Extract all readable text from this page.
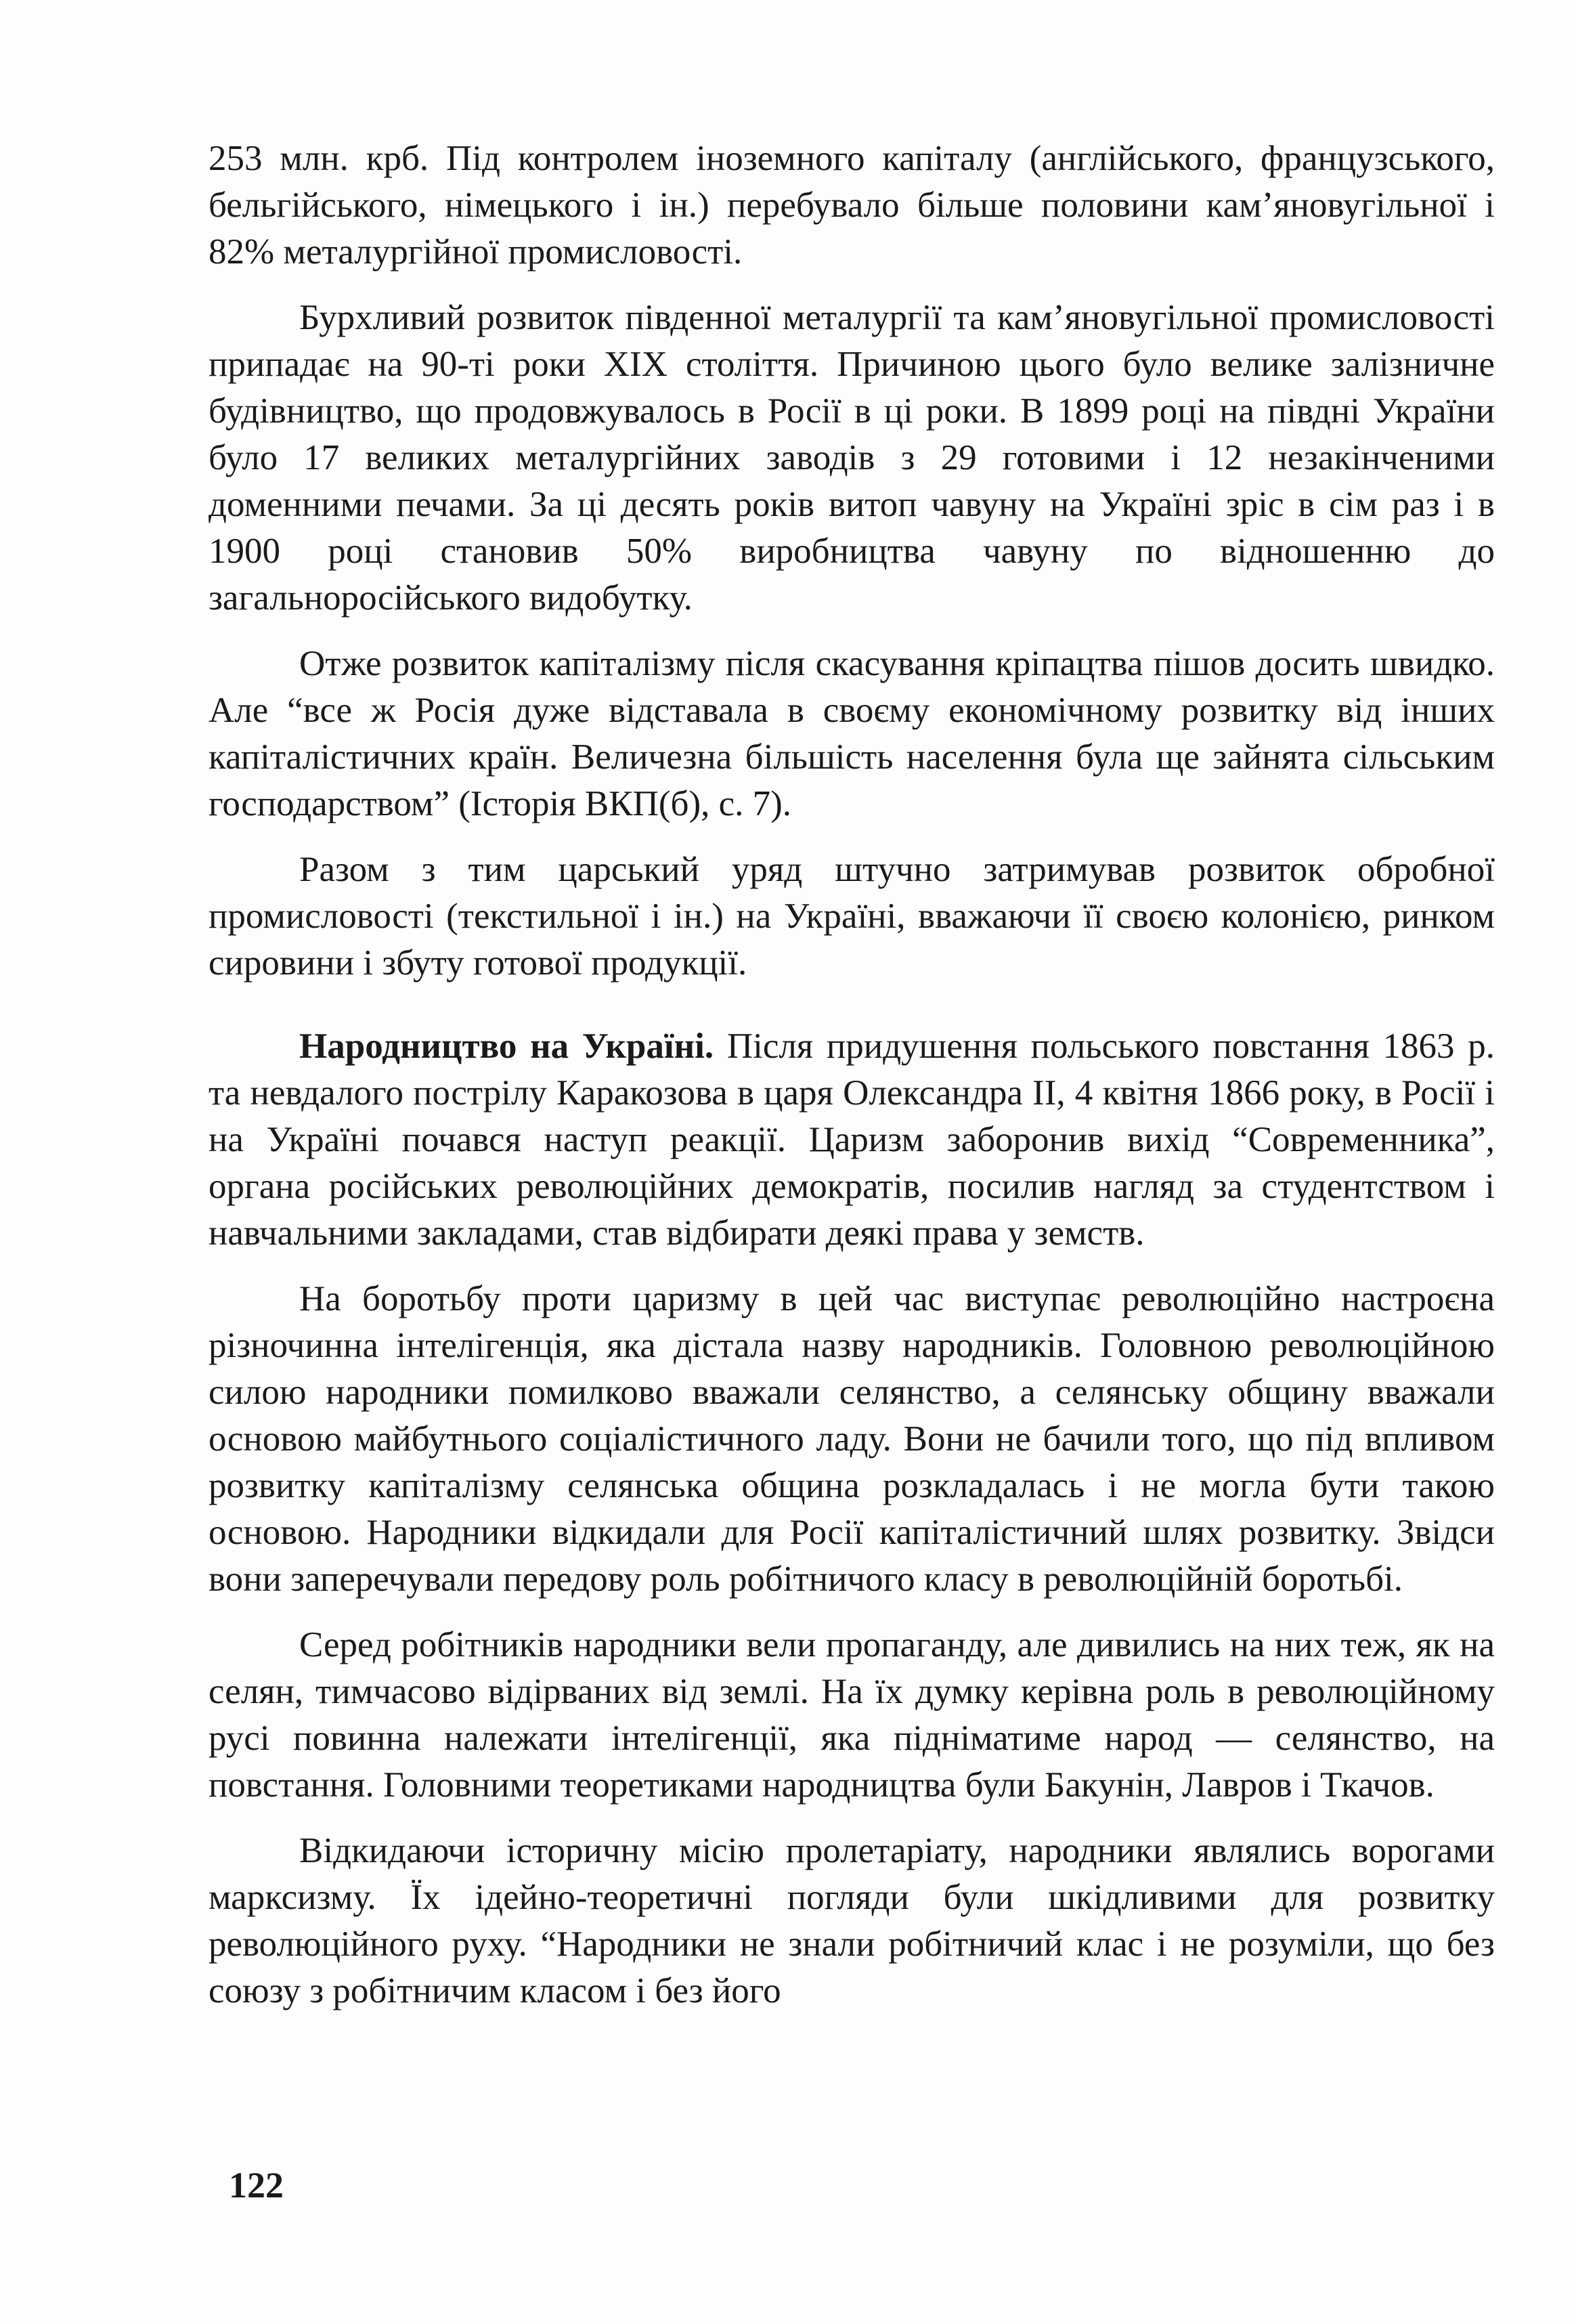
253 млн. крб. Під контролем іноземного капіталу (англійського, французського, бельгійського, німецького і ін.) перебувало більше половини кам’яновугільної і 82% металургійної промисловості.

Бурхливий розвиток південної металургії та кам’яновугільної промисловості припадає на 90-ті роки XIX століття. Причиною цього було велике залізничне будівництво, що продовжувалось в Росії в ці роки. В 1899 році на півдні України було 17 великих металургійних заводів з 29 готовими і 12 незакінченими доменними печами. За ці десять років витоп чавуну на Україні зріс в сім раз і в 1900 році становив 50% виробництва чавуну по відношенню до загальноросійського видобутку.

Отже розвиток капіталізму після скасування кріпацтва пішов досить швидко. Але “все ж Росія дуже відставала в своєму економічному розвитку від інших капіталістичних країн. Величезна більшість населення була ще зайнята сільським господарством” (Історія ВКП(б), с. 7).

Разом з тим царський уряд штучно затримував розвиток обробної промисловості (текстильної і ін.) на Україні, вважаючи її своєю колонією, ринком сировини і збуту готової продукції.

Народництво на Україні. Після придушення польського повстання 1863 р. та невдалого пострілу Каракозова в царя Олександра II, 4 квітня 1866 року, в Росії і на Україні почався наступ реакції. Царизм заборонив вихід “Современника”, органа російських революційних демократів, посилив нагляд за студентством і навчальними закладами, став відбирати деякі права у земств.

На боротьбу проти царизму в цей час виступає революційно настроєна різночинна інтелігенція, яка дістала назву народників. Головною революційною силою народники помилково вважали селянство, а селянську общину вважали основою майбутнього соціалістичного ладу. Вони не бачили того, що під впливом розвитку капіталізму селянська община розкладалась і не могла бути такою основою. Народники відкидали для Росії капіталістичний шлях розвитку. Звідси вони заперечували передову роль робітничого класу в революційній боротьбі.

Серед робітників народники вели пропаганду, але дивились на них теж, як на селян, тимчасово відірваних від землі. На їх думку керівна роль в революційному русі повинна належати інтелігенції, яка підніматиме народ — селянство, на повстання. Головними теоретиками народництва були Бакунін, Лавров і Ткачов.

Відкидаючи історичну місію пролетаріату, народники являлись ворогами марксизму. Їх ідейно-теоретичні погляди були шкідливими для розвитку революційного руху. “Народники не знали робітничий клас і не розуміли, що без союзу з робітничим класом і без його

122
